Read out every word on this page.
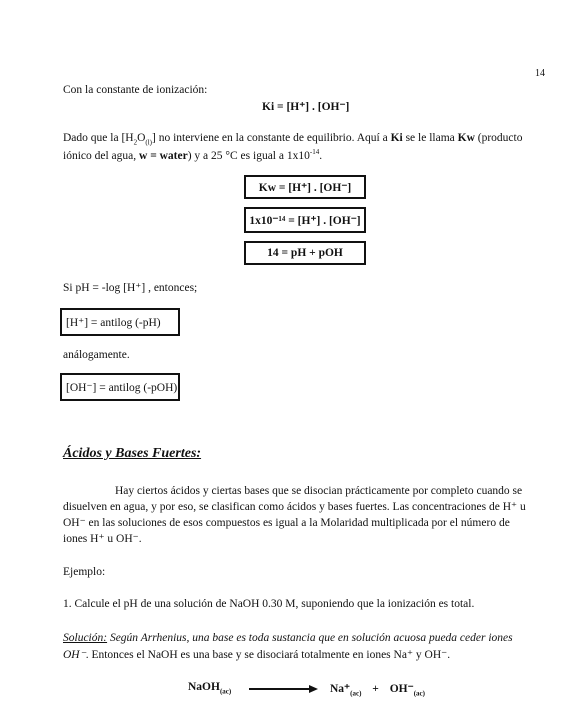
14
Con la constante de ionización:
Ki = [H⁺] . [OH⁻]
Dado que la $[H_2O_{(l)}]$ no interviene en la constante de equilibrio. Aquí a Ki se le llama Kw (producto
iónico del agua, w = water) y a 25 °C es igual a $1x10^{-14}$.
Kw = [H⁺] . [OH⁻]
1x10⁻¹⁴ = [H⁺] . [OH⁻]
14 = pH + pOH
Si pH = -log [H⁺] , entonces;
[H⁺] = antilog (-pH)
análogamente.
[OH⁻] = antilog (-pOH)
Ácidos y Bases Fuertes:
Hay ciertos ácidos y ciertas bases que se disocian prácticamente por completo cuando se
disuelven en agua, y por eso, se clasifican como ácidos y bases fuertes. Las concentraciones de H⁺ u
OH⁻ en las soluciones de esos compuestos es igual a la Molaridad multiplicada por el número de
iones H⁺ u OH⁻.
Ejemplo:
1. Calcule el pH de una solución de NaOH 0.30 M, suponiendo que la ionización es total.
Solución: Según Arrhenius, una base es toda sustancia que en solución acuosa pueda ceder iones
OH⁻. Entonces el NaOH es una base y se disociará totalmente en iones Na⁺ y OH⁻.
NaOH$_{(ac)}$	$Na^+_{(ac)} + OH^-_{(ac)}$
